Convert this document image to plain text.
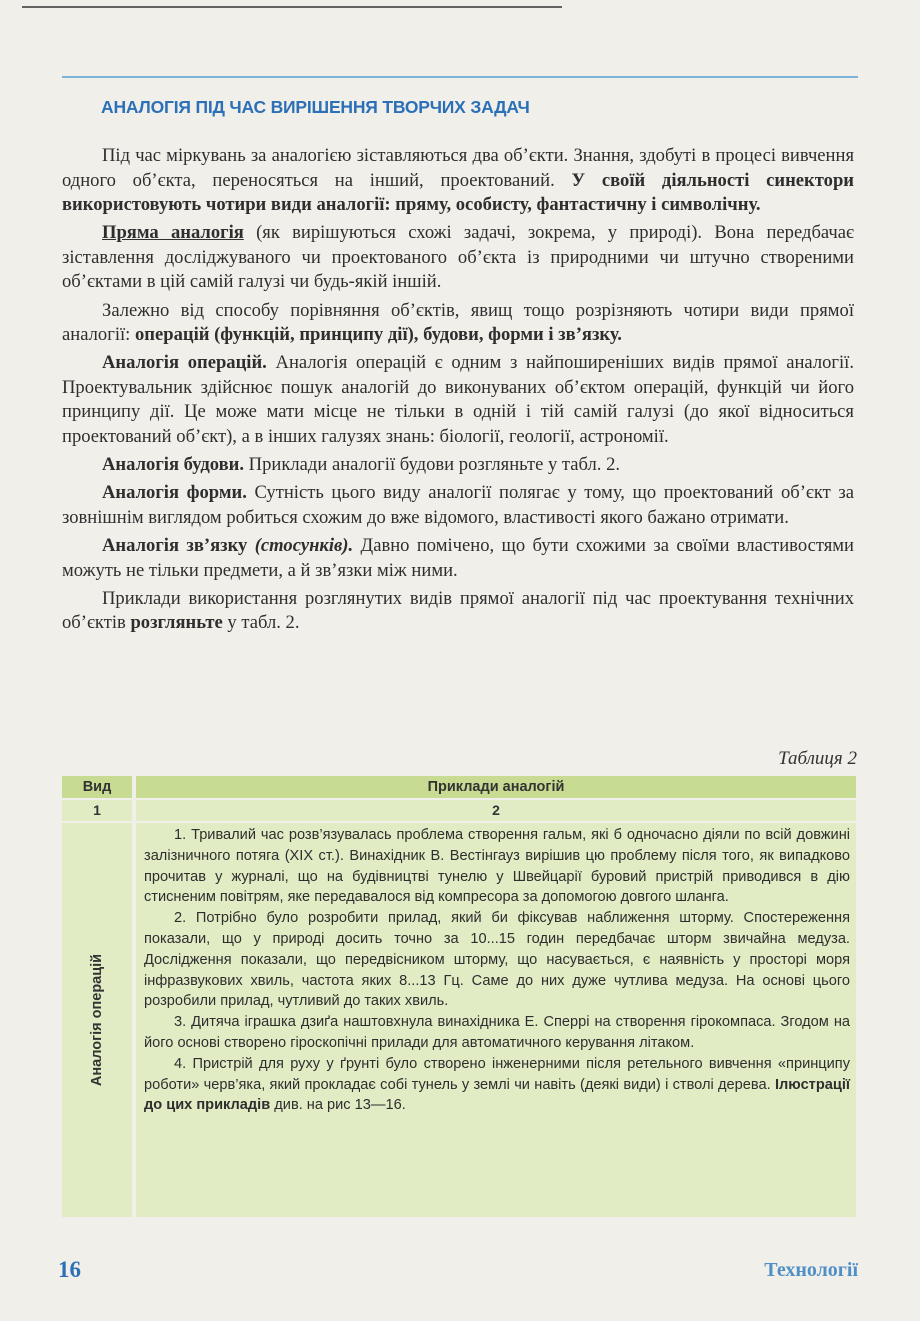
АНАЛОГІЯ ПІД ЧАС ВИРІШЕННЯ ТВОРЧИХ ЗАДАЧ

Під час міркувань за аналогією зіставляються два об’єкти. Знання, здобуті в процесі вивчення одного об’єкта, переносяться на інший, проектований. У своїй діяльності синектори використовують чотири види аналогії: пряму, особисту, фантастичну і символічну.

Пряма аналогія (як вирішуються схожі задачі, зокрема, у природі). Вона передбачає зіставлення досліджуваного чи проектованого об’єкта із природними чи штучно створеними об’єктами в цій самій галузі чи будь-якій іншій.

Залежно від способу порівняння об’єктів, явищ тощо розрізняють чотири види прямої аналогії: операцій (функцій, принципу дії), будови, форми і зв’язку.

Аналогія операцій. Аналогія операцій є одним з найпоширеніших видів прямої аналогії. Проектувальник здійснює пошук аналогій до виконуваних об’єктом операцій, функцій чи його принципу дії. Це може мати місце не тільки в одній і тій самій галузі (до якої відноситься проектований об’єкт), а в інших галузях знань: біології, геології, астрономії.

Аналогія будови. Приклади аналогії будови розгляньте у табл. 2.

Аналогія форми. Сутність цього виду аналогії полягає у тому, що проектований об’єкт за зовнішнім виглядом робиться схожим до вже відомого, властивості якого бажано отримати.

Аналогія зв’язку (стосунків). Давно помічено, що бути схожими за своїми властивостями можуть не тільки предмети, а й зв’язки між ними.

Приклади використання розглянутих видів прямої аналогії під час проектування технічних об’єктів розгляньте у табл. 2.

Таблиця 2
Вид	Приклади аналогій
1	2
Аналогія операцій

1. Тривалий час розв’язувалась проблема створення гальм, які б одночасно діяли по всій довжині залізничного потяга (XIX ст.). Винахідник В. Вестінгауз вирішив цю проблему після того, як випадково прочитав у журналі, що на будівництві тунелю у Швейцарії буровий пристрій приводився в дію стисненим повітрям, яке передавалося від компресора за допомогою довгого шланга.

2. Потрібно було розробити прилад, який би фіксував наближення шторму. Спостереження показали, що у природі досить точно за 10...15 годин передбачає шторм звичайна медуза. Дослідження показали, що передвісником шторму, що насувається, є наявність у просторі моря інфразвукових хвиль, частота яких 8...13 Гц. Саме до них дуже чутлива медуза. На основі цього розробили прилад, чутливий до таких хвиль.

3. Дитяча іграшка дзиґа наштовхнула винахідника Е. Сперрі на створення гірокомпаса. Згодом на його основі створено гіроскопічні прилади для автоматичного керування літаком.

4. Пристрій для руху у ґрунті було створено інженерними після ретельного вивчення «принципу роботи» черв’яка, який прокладає собі тунель у землі чи навіть (деякі види) і стволі дерева. Ілюстрації до цих прикладів див. на рис 13—16.

16	Технології
